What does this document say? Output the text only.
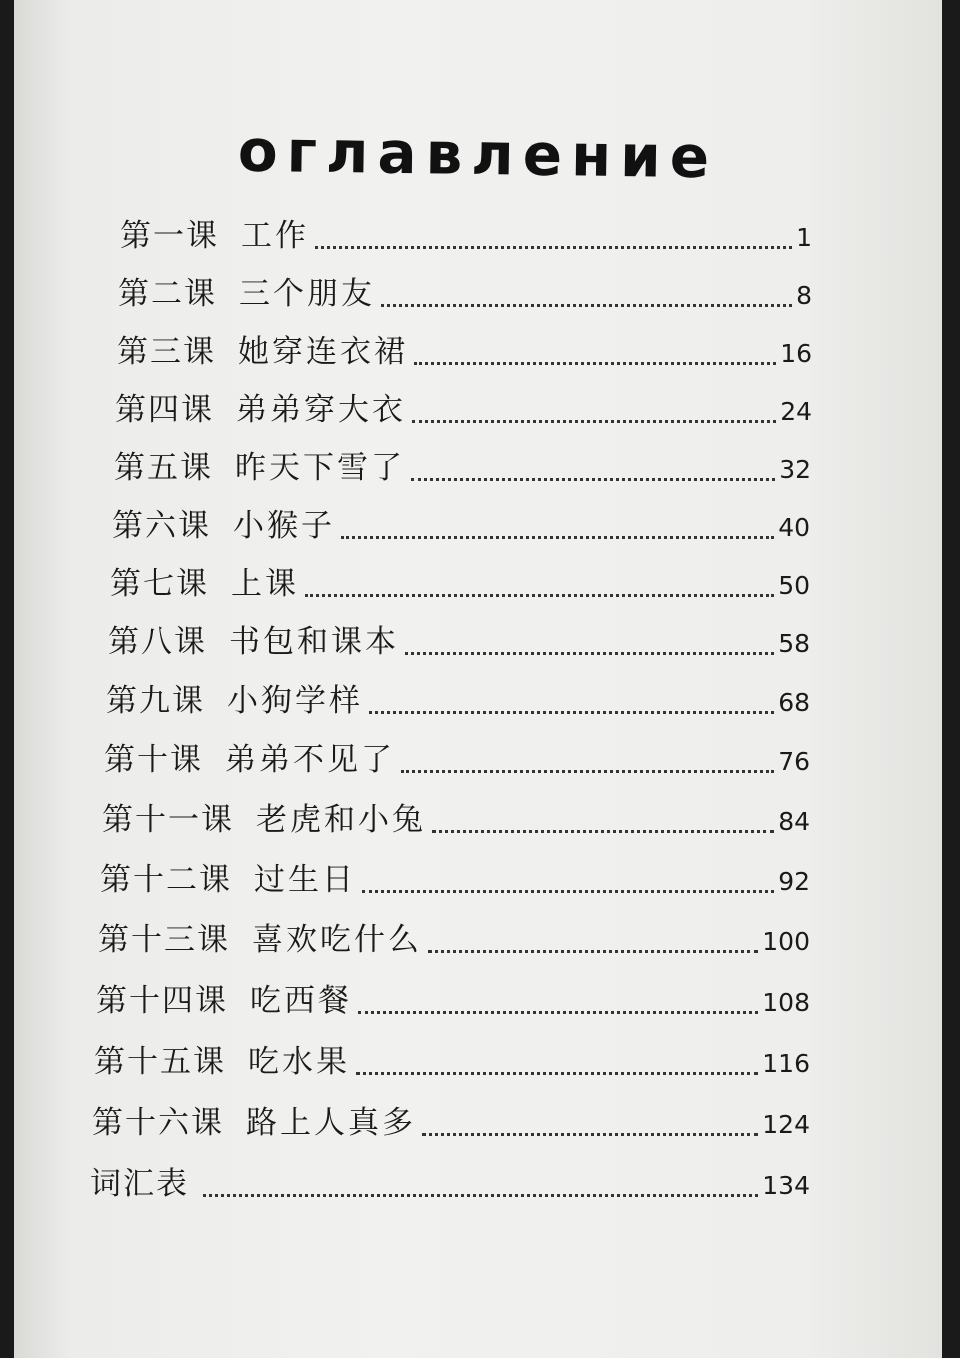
оглавление
第一课 工作	1
第二课 三个朋友	8
第三课 她穿连衣裙	16
第四课 弟弟穿大衣	24
第五课 昨天下雪了	32
第六课 小猴子	40
第七课 上课	50
第八课 书包和课本	58
第九课 小狗学样	68
第十课 弟弟不见了	76
第十一课 老虎和小兔	84
第十二课 过生日	92
第十三课 喜欢吃什么	100
第十四课 吃西餐	108
第十五课 吃水果	116
第十六课 路上人真多	124
词汇表	134
